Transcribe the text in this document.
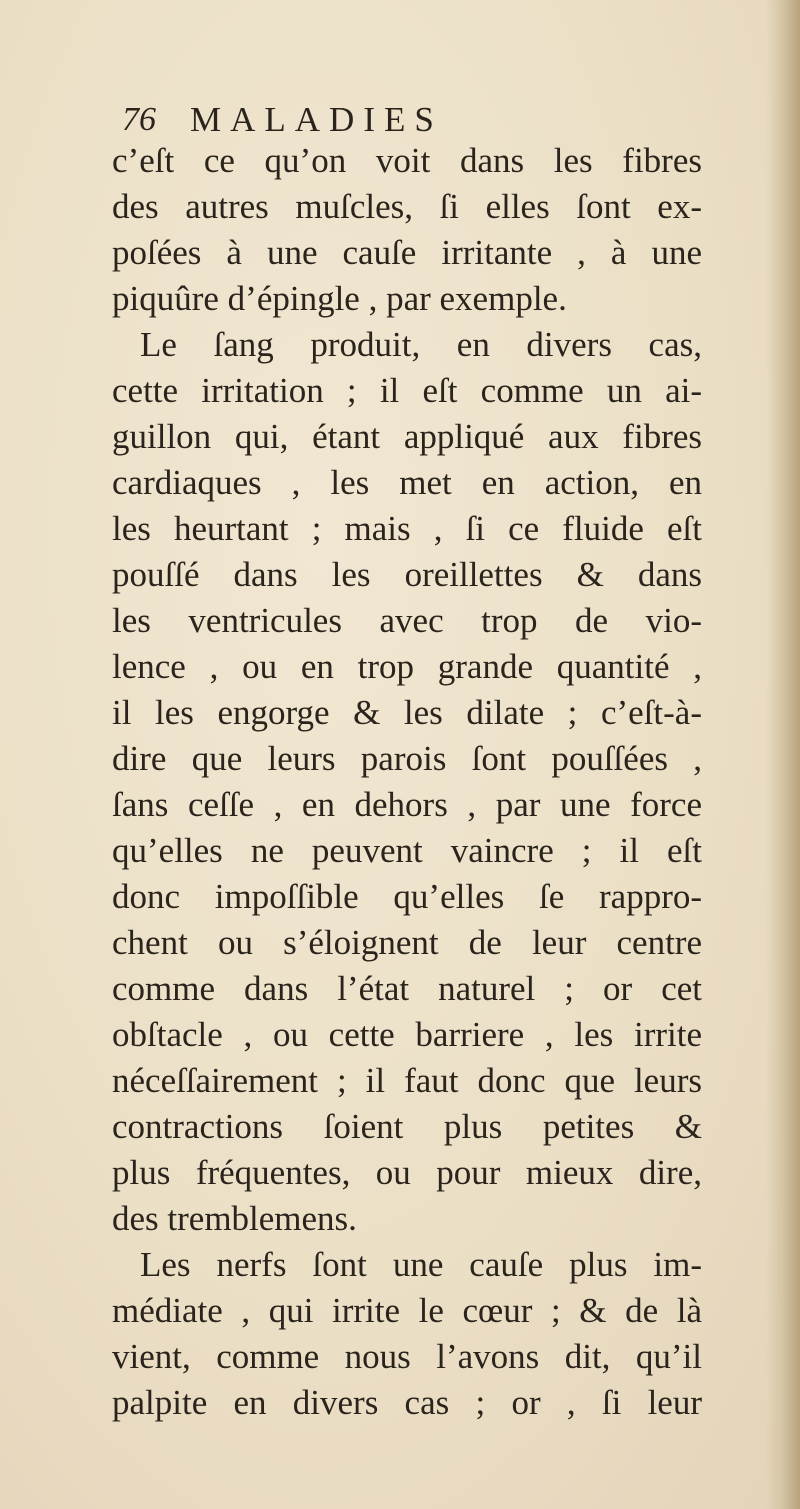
76 MALADIES
c’eſt ce qu’on voit dans les fibres
des autres muſcles, ſi elles ſont ex-
poſées à une cauſe irritante , à une
piquûre d’épingle , par exemple.
Le ſang produit, en divers cas,
cette irritation ; il eſt comme un ai-
guillon qui, étant appliqué aux fibres
cardiaques , les met en action, en
les heurtant ; mais , ſi ce fluide eſt
pouſſé dans les oreillettes & dans
les ventricules avec trop de vio-
lence , ou en trop grande quantité ,
il les engorge & les dilate ; c’eſt-à-
dire que leurs parois ſont pouſſées ,
ſans ceſſe , en dehors , par une force
qu’elles ne peuvent vaincre ; il eſt
donc impoſſible qu’elles ſe rappro-
chent ou s’éloignent de leur centre
comme dans l’état naturel ; or cet
obſtacle , ou cette barriere , les irrite
néceſſairement ; il faut donc que leurs
contractions ſoient plus petites &
plus fréquentes, ou pour mieux dire,
des tremblemens.
Les nerfs ſont une cauſe plus im-
médiate , qui irrite le cœur ; & de là
vient, comme nous l’avons dit, qu’il
palpite en divers cas ; or , ſi leur
